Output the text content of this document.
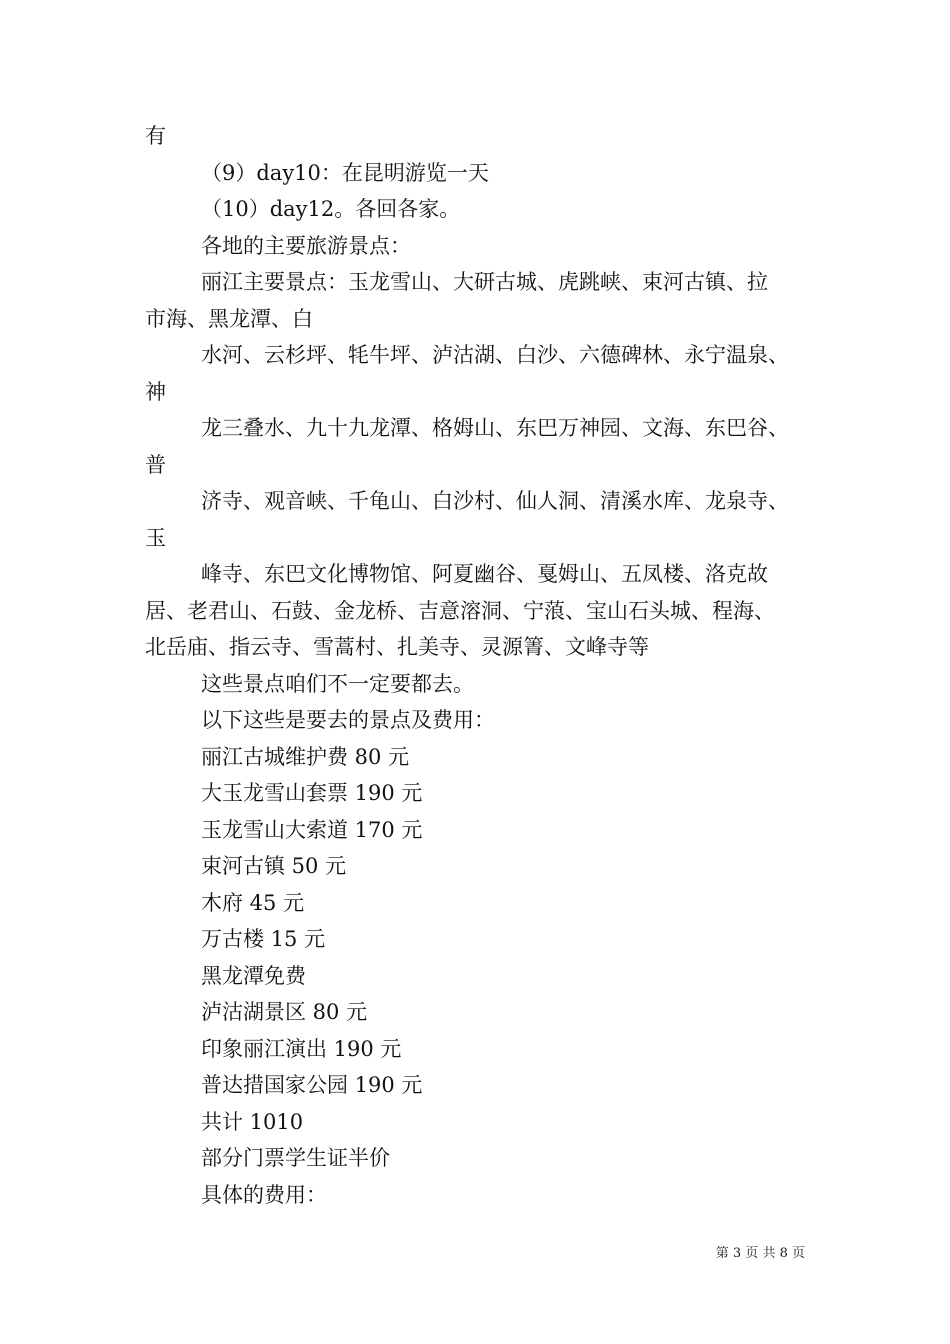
有
（9）day10：在昆明游览一天
（10）day12。各回各家。
各地的主要旅游景点：
丽江主要景点：玉龙雪山、大研古城、虎跳峡、束河古镇、拉
市海、黑龙潭、白
水河、云杉坪、牦牛坪、泸沽湖、白沙、六德碑林、永宁温泉、
神
龙三叠水、九十九龙潭、格姆山、东巴万神园、文海、东巴谷、
普
济寺、观音峡、千龟山、白沙村、仙人洞、清溪水库、龙泉寺、
玉
峰寺、东巴文化博物馆、阿夏幽谷、戛姆山、五凤楼、洛克故
居、老君山、石鼓、金龙桥、吉意溶洞、宁蒗、宝山石头城、程海、
北岳庙、指云寺、雪蒿村、扎美寺、灵源箐、文峰寺等
这些景点咱们不一定要都去。
以下这些是要去的景点及费用：
丽江古城维护费 80 元
大玉龙雪山套票 190 元
玉龙雪山大索道 170 元
束河古镇 50 元
木府 45 元
万古楼 15 元
黑龙潭免费
泸沽湖景区 80 元
印象丽江演出 190 元
普达措国家公园 190 元
共计 1010
部分门票学生证半价
具体的费用：
第 3 页 共 8 页
